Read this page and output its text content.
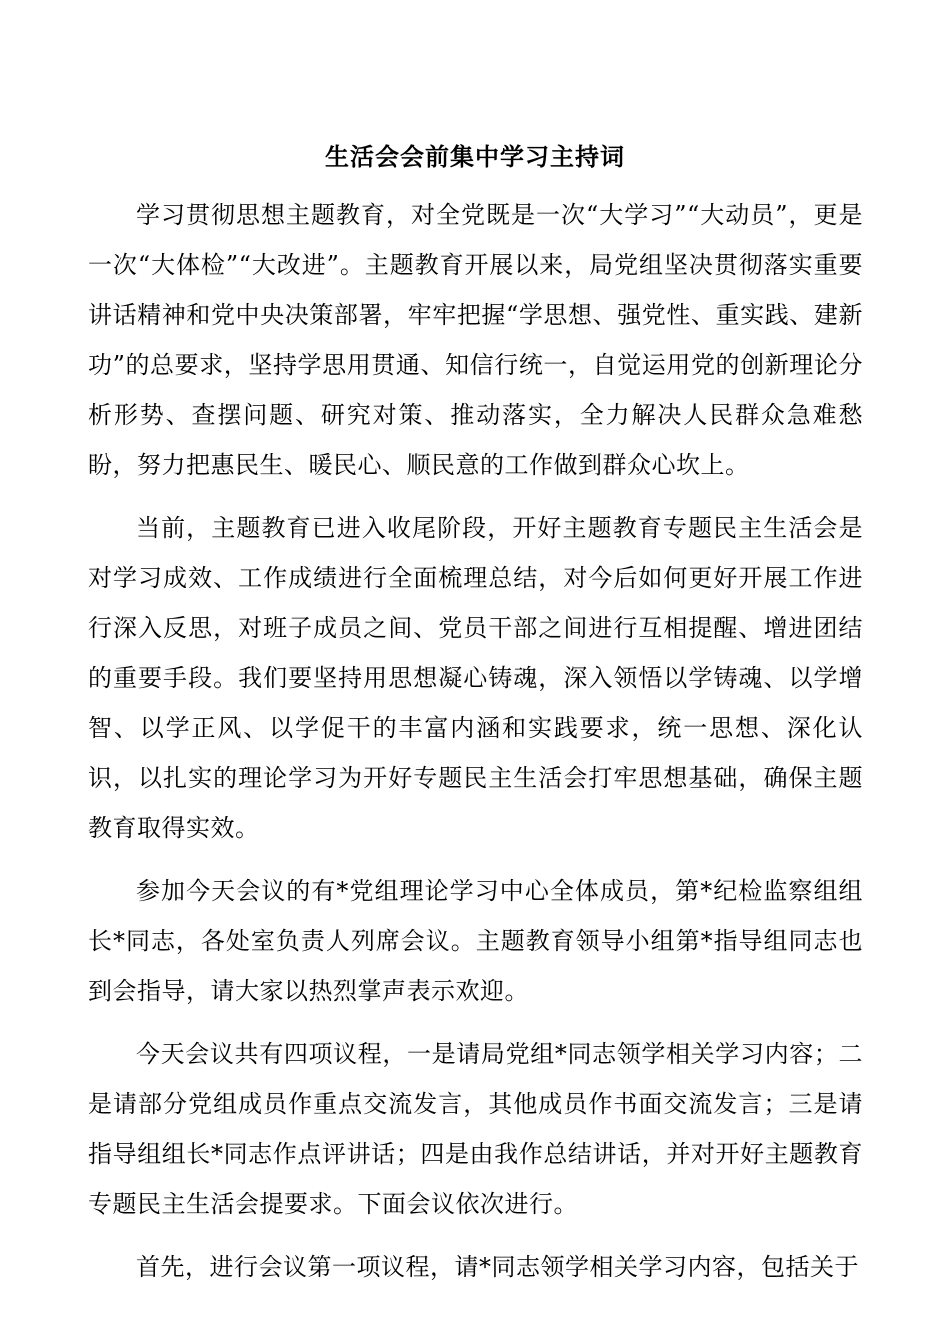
生活会会前集中学习主持词

学习贯彻思想主题教育，对全党既是一次“大学习”“大动员”，更是一次“大体检”“大改进”。主题教育开展以来，局党组坚决贯彻落实重要讲话精神和党中央决策部署，牢牢把握“学思想、强党性、重实践、建新功”的总要求，坚持学思用贯通、知信行统一，自觉运用党的创新理论分析形势、查摆问题、研究对策、推动落实，全力解决人民群众急难愁盼，努力把惠民生、暖民心、顺民意的工作做到群众心坎上。

当前，主题教育已进入收尾阶段，开好主题教育专题民主生活会是对学习成效、工作成绩进行全面梳理总结，对今后如何更好开展工作进行深入反思，对班子成员之间、党员干部之间进行互相提醒、增进团结的重要手段。我们要坚持用思想凝心铸魂，深入领悟以学铸魂、以学增智、以学正风、以学促干的丰富内涵和实践要求，统一思想、深化认识，以扎实的理论学习为开好专题民主生活会打牢思想基础，确保主题教育取得实效。

参加今天会议的有*党组理论学习中心全体成员，第*纪检监察组组长*同志，各处室负责人列席会议。主题教育领导小组第*指导组同志也到会指导，请大家以热烈掌声表示欢迎。

今天会议共有四项议程，一是请局党组*同志领学相关学习内容；二是请部分党组成员作重点交流发言，其他成员作书面交流发言；三是请指导组组长*同志作点评讲话；四是由我作总结讲话，并对开好主题教育专题民主生活会提要求。下面会议依次进行。

首先，进行会议第一项议程，请*同志领学相关学习内容，包括关于
